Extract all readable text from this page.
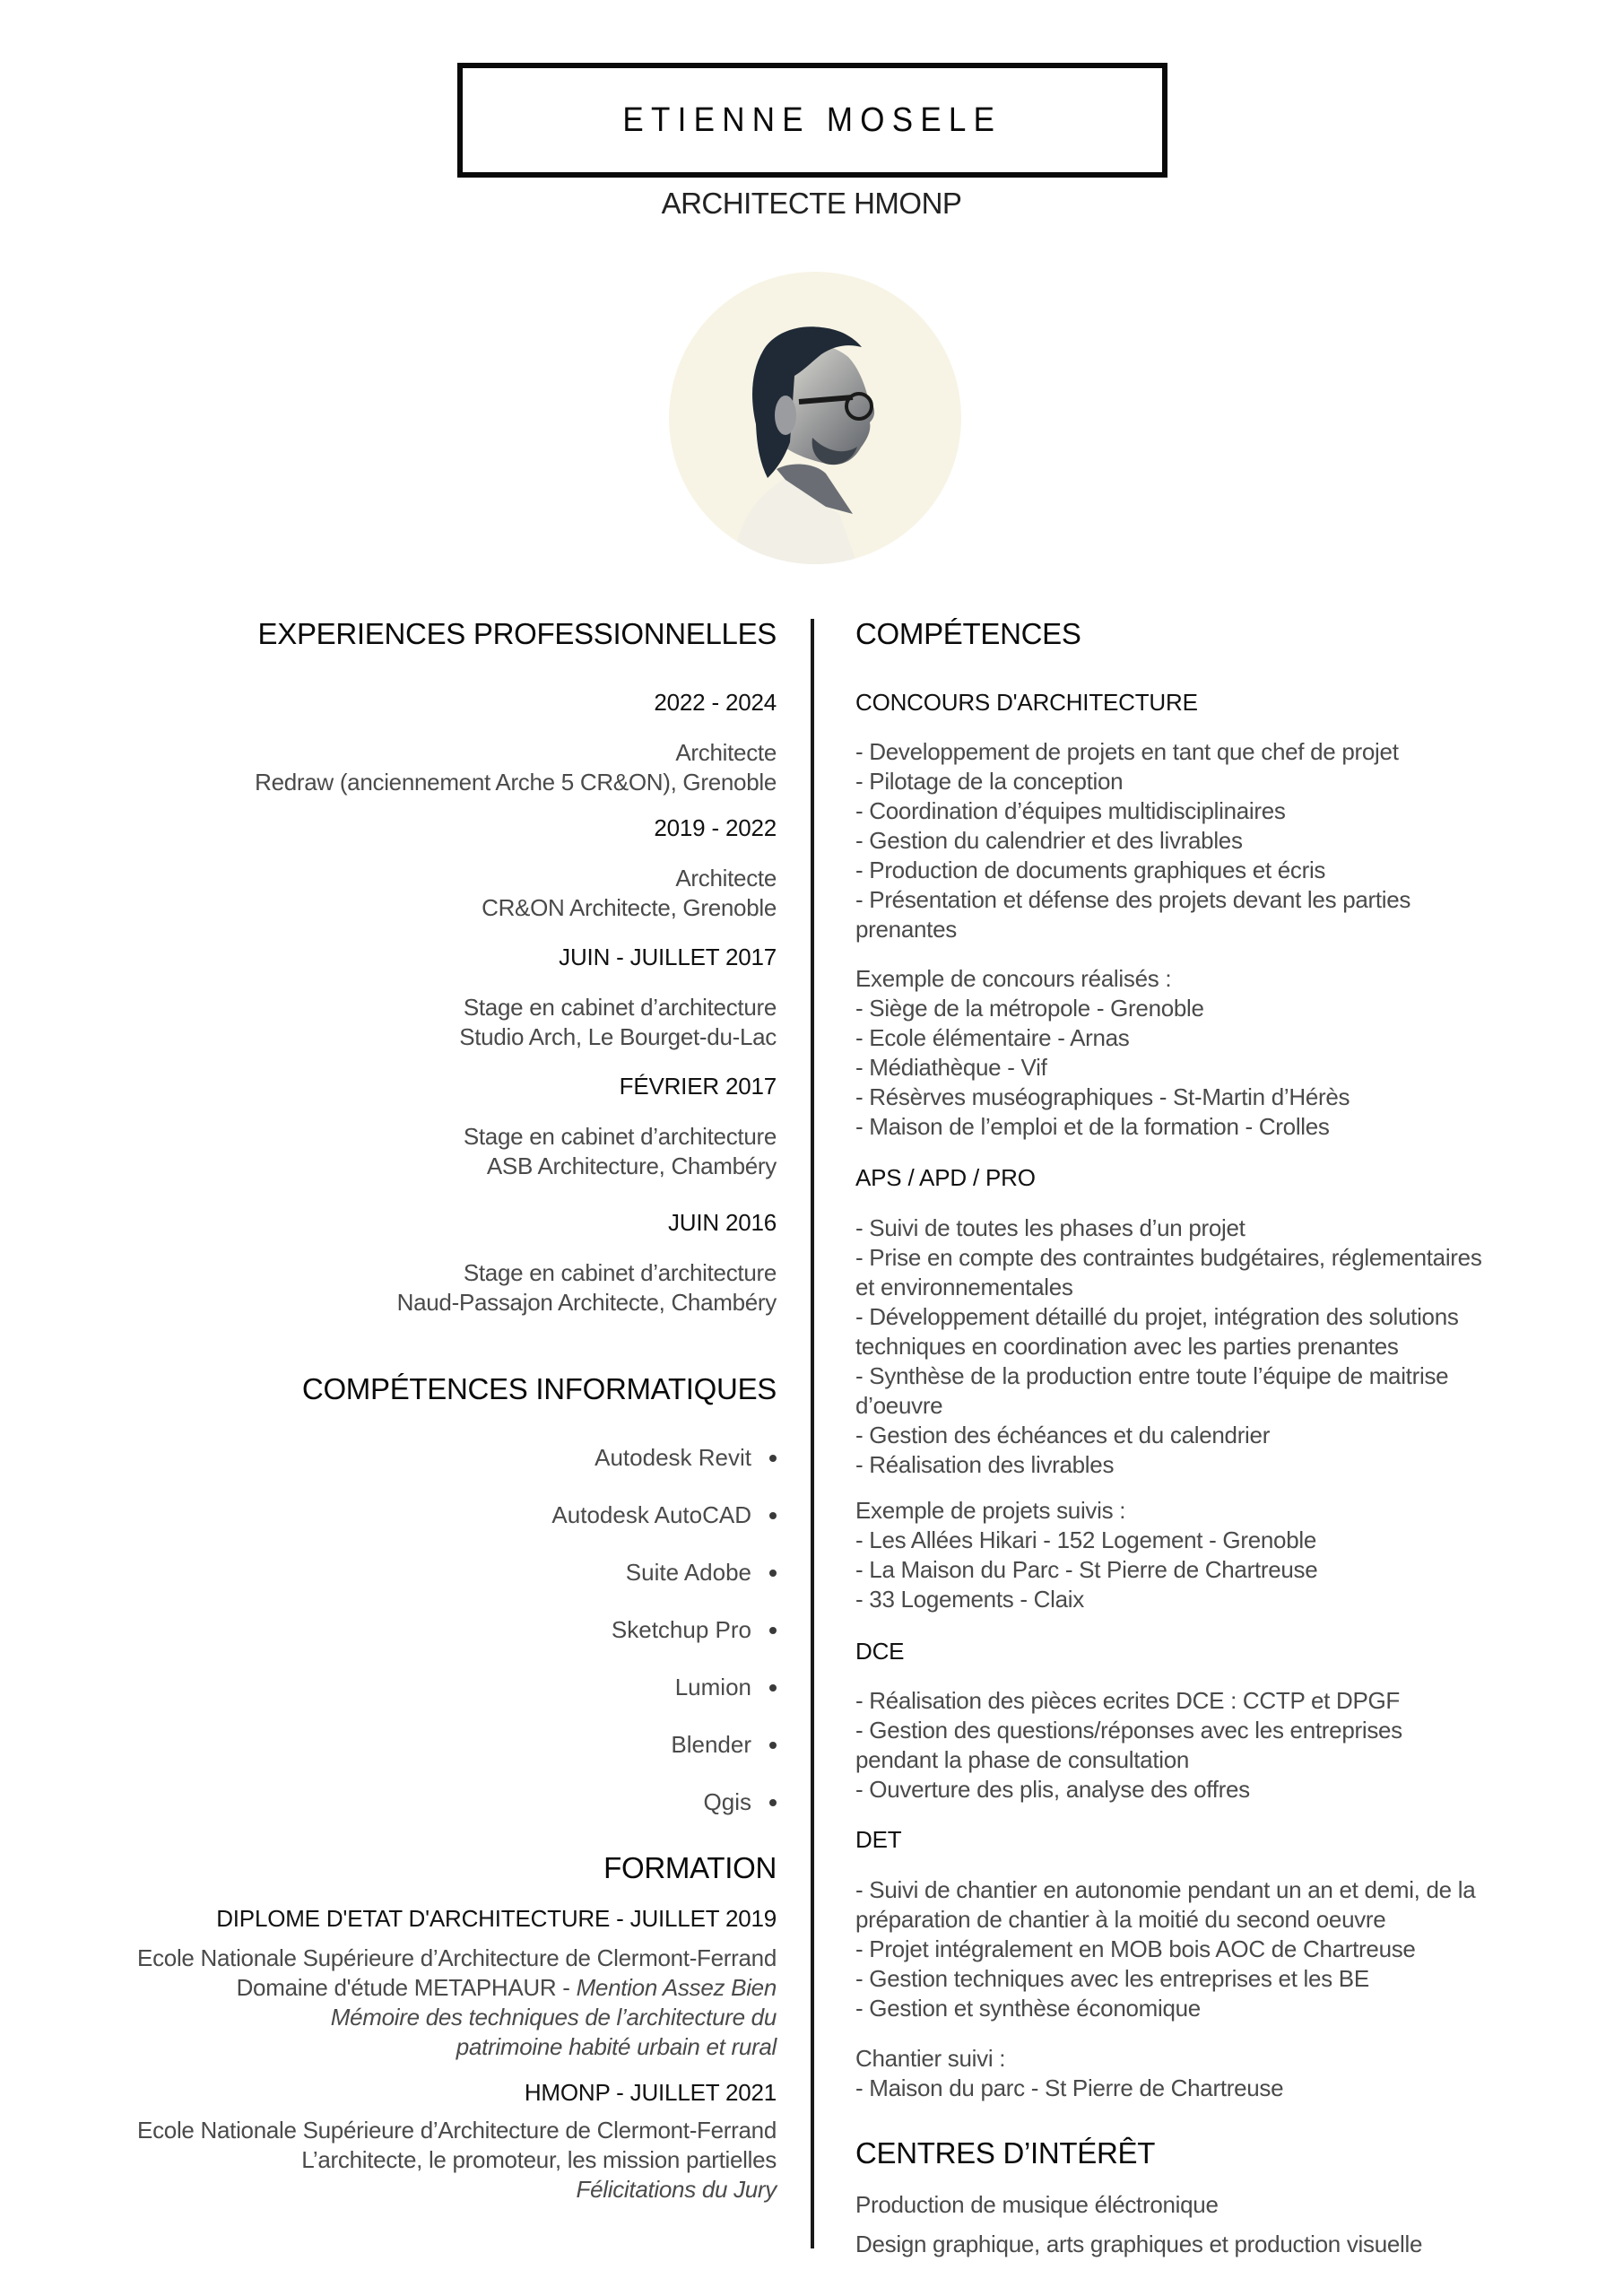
ETIENNE MOSELE
ARCHITECTE HMONP
EXPERIENCES PROFESSIONNELLES
2022 - 2024
Architecte
Redraw (anciennement Arche 5 CR&ON), Grenoble
2019 - 2022
Architecte
CR&ON Architecte, Grenoble
JUIN - JUILLET 2017
Stage en cabinet d’architecture
Studio Arch, Le Bourget-du-Lac
FÉVRIER 2017
Stage en cabinet d’architecture
ASB Architecture, Chambéry
JUIN 2016
Stage en cabinet d’architecture
Naud-Passajon Architecte, Chambéry
COMPÉTENCES INFORMATIQUES
Autodesk Revit
Autodesk AutoCAD
Suite Adobe
Sketchup Pro
Lumion
Blender
Qgis
FORMATION
DIPLOME D'ETAT D'ARCHITECTURE - JUILLET 2019
Ecole Nationale Supérieure d’Architecture de Clermont-Ferrand
Domaine d'étude METAPHAUR - Mention Assez Bien
Mémoire des techniques de l’architecture du
patrimoine habité urbain et rural
HMONP - JUILLET 2021
Ecole Nationale Supérieure d’Architecture de Clermont-Ferrand
L’architecte, le promoteur, les mission partielles
Félicitations du Jury
COMPÉTENCES
CONCOURS D'ARCHITECTURE
- Developpement de projets en tant que chef de projet
- Pilotage de la conception
- Coordination d’équipes multidisciplinaires
- Gestion du calendrier et des livrables
- Production de documents graphiques et écris
- Présentation et défense des projets devant les parties
prenantes
Exemple de concours réalisés :
- Siège de la métropole - Grenoble
- Ecole élémentaire - Arnas
- Médiathèque - Vif
- Résèrves muséographiques - St-Martin d’Hérès
- Maison de l’emploi et de la formation - Crolles
APS / APD / PRO
- Suivi de toutes les phases d’un projet
- Prise en compte des contraintes budgétaires, réglementaires
et environnementales
- Développement détaillé du projet, intégration des solutions
techniques en coordination avec les parties prenantes
- Synthèse de la production entre toute l’équipe de maitrise
d’oeuvre
- Gestion des échéances et du calendrier
- Réalisation des livrables
Exemple de projets suivis :
- Les Allées Hikari - 152 Logement - Grenoble
- La Maison du Parc - St Pierre de Chartreuse
- 33 Logements - Claix
DCE
- Réalisation des pièces ecrites DCE : CCTP et DPGF
- Gestion des questions/réponses avec les entreprises
pendant la phase de consultation
- Ouverture des plis, analyse des offres
DET
- Suivi de chantier en autonomie pendant un an et demi, de la
préparation de chantier à la moitié du second oeuvre
- Projet intégralement en MOB bois AOC de Chartreuse
- Gestion techniques avec les entreprises et les BE
- Gestion et synthèse économique
Chantier suivi :
- Maison du parc - St Pierre de Chartreuse
CENTRES D’INTÉRÊT
Production de musique éléctronique
Design graphique, arts graphiques et production visuelle
